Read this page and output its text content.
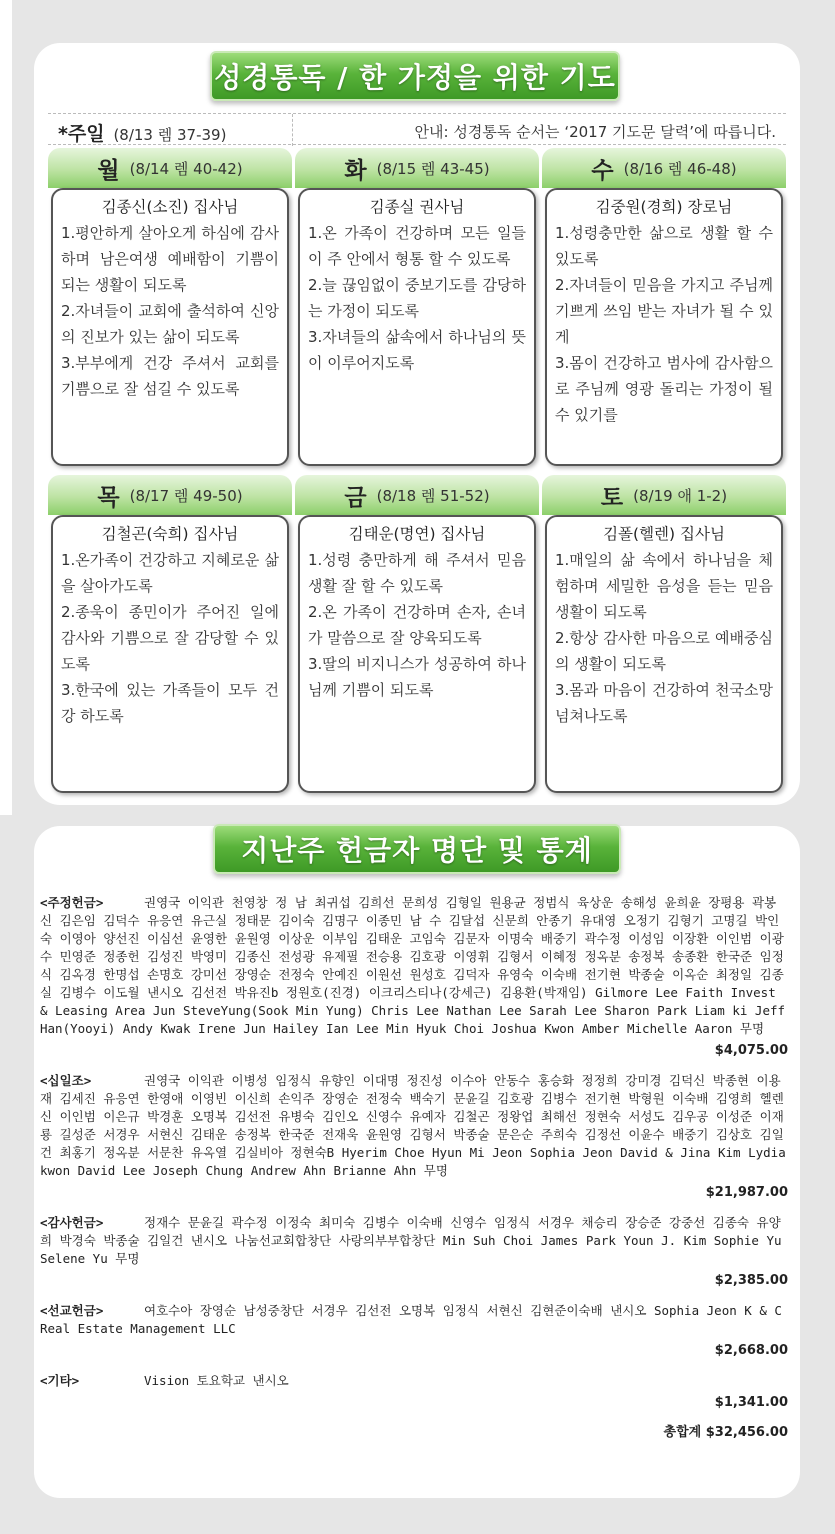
성경통독 / 한 가정을 위한 기도
*주일 (8/13 렘 37-39)	안내: 성경통독 순서는 ‘2017 기도문 달력’에 따릅니다.
월 (8/14 렘 40-42)
김종신(소진) 집사님
1.평안하게 살아오게 하심에 감사하며 남은여생 예배함이 기쁨이 되는 생활이 되도록
2.자녀들이 교회에 출석하여 신앙의 진보가 있는 삶이 되도록
3.부부에게 건강 주셔서 교회를 기쁨으로 잘 섬길 수 있도록
화 (8/15 렘 43-45)
김종실 권사님
1.온 가족이 건강하며 모든 일들이 주 안에서 형통 할 수 있도록
2.늘 끊임없이 중보기도를 감당하는 가정이 되도록
3.자녀들의 삶속에서 하나님의 뜻이 이루어지도록
수 (8/16 렘 46-48)
김중원(경희) 장로님
1.성령충만한 삶으로 생활 할 수 있도록
2.자녀들이 믿음을 가지고 주님께 기쁘게 쓰임 받는 자녀가 될 수 있게
3.몸이 건강하고 범사에 감사함으로 주님께 영광 돌리는 가정이 될 수 있기를
목 (8/17 렘 49-50)
김철곤(숙희) 집사님
1.온가족이 건강하고 지혜로운 삶을 살아가도록
2.종욱이 종민이가 주어진 일에 감사와 기쁨으로 잘 감당할 수 있도록
3.한국에 있는 가족들이 모두 건강 하도록
금 (8/18 렘 51-52)
김태운(명연) 집사님
1.성령 충만하게 해 주셔서 믿음 생활 잘 할 수 있도록
2.온 가족이 건강하며 손자, 손녀가 말씀으로 잘 양육되도록
3.딸의 비지니스가 성공하여 하나님께 기쁨이 되도록
토 (8/19 애 1-2)
김폴(헬렌) 집사님
1.매일의 삶 속에서 하나님을 체험하며 세밀한 음성을 듣는 믿음생활이 되도록
2.항상 감사한 마음으로 예배중심의 생활이 되도록
3.몸과 마음이 건강하여 천국소망 넘쳐나도록
지난주 헌금자 명단 및 통계
<주정헌금>	권영국 이익관 천영창 정 남 최귀섭 김희선 문희성 김형일 원용균 정범식 육상운 송해성 윤희윤 장평용 곽봉신 김은임 김덕수 유응연 유근실 정태문 김이숙 김명구 이종민 남 수 김달섭 신문희 안종기 유대영 오정기 김형기 고명길 박인숙 이영아 양선진 이심선 윤영한 윤원영 이상운 이부임 김태운 고임숙 김문자 이명숙 배중기 곽수정 이성임 이장환 이인범 이광수 민영준 정종헌 김성진 박영미 김종신 전성광 유제필 전승용 김호광 이영휘 김형서 이혜정 정옥분 송정복 송종환 한국준 임정식 김옥경 한명섭 손명호 강미선 장영순 전정숙 안예진 이원선 원성호 김덕자 유영숙 이숙배 전기현 박종술 이옥순 최정일 김종실 김병수 이도월 낸시오 김선전 박유진b 정원호(진경) 이크리스티나(강세근) 김용환(박재임) Gilmore Lee Faith Invest & Leasing Area Jun SteveYung(Sook Min Yung) Chris Lee Nathan Lee Sarah Lee Sharon Park Liam ki Jeff Han(Yooyi) Andy Kwak Irene Jun Hailey Ian Lee Min Hyuk Choi Joshua Kwon Amber Michelle Aaron 무명
$4,075.00
<십일조>	권영국 이익관 이병성 임정식 유향인 이대명 정진성 이수아 안동수 홍승화 정정희 강미경 김덕신 박종현 이용재 김세진 유응연 한영애 이영빈 이신희 손익주 장영순 전정숙 백숙기 문윤길 김호광 김병수 전기현 박형원 이숙배 김영희 헬렌신 이인범 이은규 박경훈 오명복 김선전 유병숙 김인오 신영수 유예자 김철곤 정왕업 최해선 정현숙 서성도 김우공 이성준 이재룡 길성준 서경우 서현신 김태운 송정복 한국준 전재욱 윤원영 김형서 박종술 문은순 주희숙 김정선 이윤수 배중기 김상호 김일건 최홍기 정옥분 서문찬 유옥열 김실비아 정현숙B Hyerim Choe Hyun Mi Jeon Sophia Jeon David & Jina Kim Lydia kwon David Lee Joseph Chung Andrew Ahn Brianne Ahn 무명
$21,987.00
<감사헌금>	정재수 문윤길 곽수정 이정숙 최미숙 김병수 이숙배 신영수 임정식 서경우 채승리 장승준 강중선 김종숙 유양희 박경숙 박종술 김일건 낸시오 나눔선교회합창단 사랑의부부합창단 Min Suh Choi James Park Youn J. Kim Sophie Yu Selene Yu 무명
$2,385.00
<선교헌금>	여호수아 장영순 남성중창단 서경우 김선전 오명복 임정식 서현신 김현준이숙배 낸시오 Sophia Jeon K & C Real Estate Management LLC
$2,668.00
<기타>	Vision 토요학교 낸시오
$1,341.00
총합계 $32,456.00
